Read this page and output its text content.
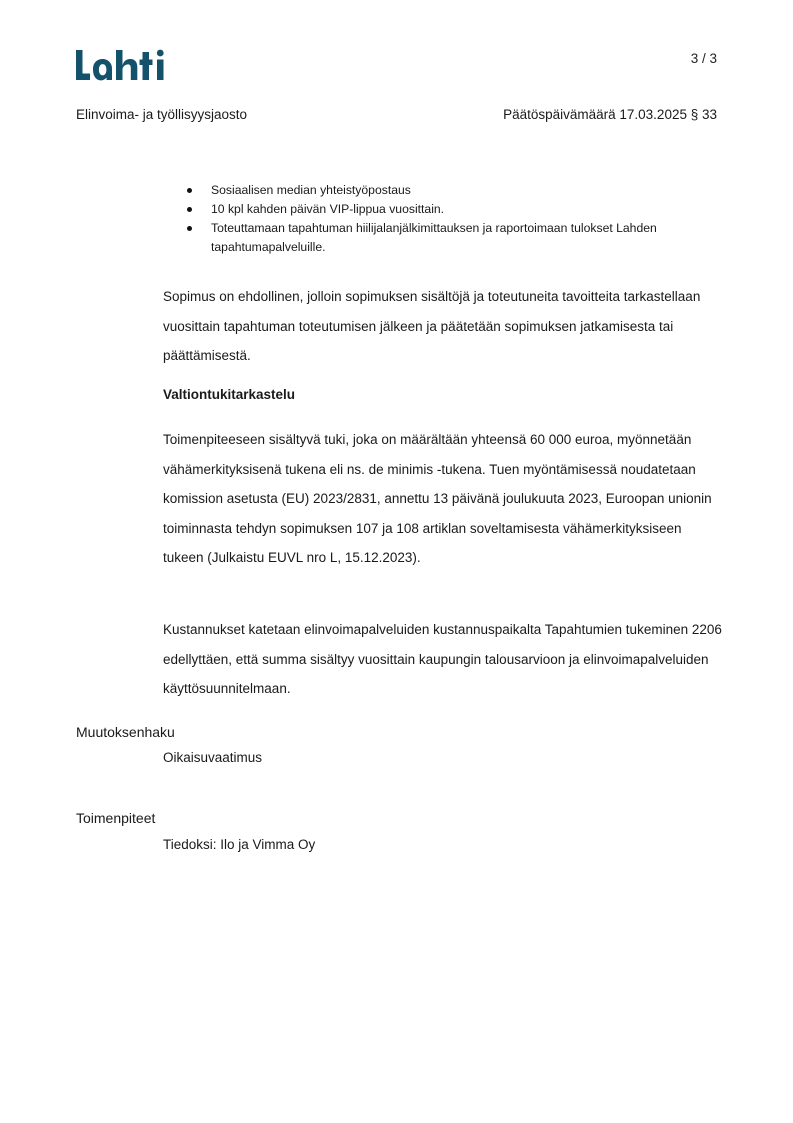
3 / 3
Elinvoima- ja työllisyysjaosto	Päätöspäivämäärä 17.03.2025 § 33
Sosiaalisen median yhteistyöpostaus
10 kpl kahden päivän VIP-lippua vuosittain.
Toteuttamaan tapahtuman hiilijalanjälkimittauksen ja raportoimaan tulokset Lahden tapahtumapalveluille.

Sopimus on ehdollinen, jolloin sopimuksen sisältöjä ja toteutuneita tavoitteita tarkastellaan vuosittain tapahtuman toteutumisen jälkeen ja päätetään sopimuksen jatkamisesta tai päättämisestä.

Valtiontukitarkastelu

Toimenpiteeseen sisältyvä tuki, joka on määrältään yhteensä 60 000 euroa, myönnetään vähämerkityksisenä tukena eli ns. de minimis -tukena. Tuen myöntämisessä noudatetaan komission asetusta (EU) 2023/2831, annettu 13 päivänä joulukuuta 2023, Euroopan unionin toiminnasta tehdyn sopimuksen 107 ja 108 artiklan soveltamisesta vähämerkityksiseen tukeen (Julkaistu EUVL nro L, 15.12.2023).

Kustannukset katetaan elinvoimapalveluiden kustannuspaikalta Tapahtumien tukeminen 2206 edellyttäen, että summa sisältyy vuosittain kaupungin talousarvioon ja elinvoimapalveluiden käyttösuunnitelmaan.

Muutoksenhaku

Oikaisuvaatimus

Toimenpiteet

Tiedoksi: Ilo ja Vimma Oy
